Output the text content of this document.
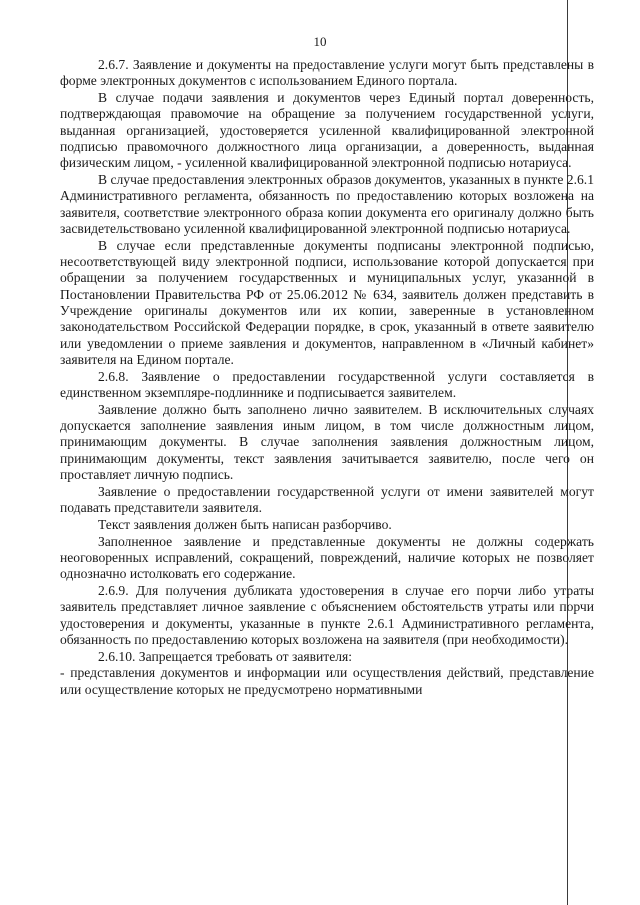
10

2.6.7. Заявление и документы на предоставление услуги могут быть представлены в форме электронных документов с использованием Единого портала.

В случае подачи заявления и документов через Единый портал доверенность, подтверждающая правомочие на обращение за получением государственной услуги, выданная организацией, удостоверяется усиленной квалифицированной электронной подписью правомочного должностного лица организации, а доверенность, выданная физическим лицом, - усиленной квалифицированной электронной подписью нотариуса.

В случае предоставления электронных образов документов, указанных в пункте 2.6.1 Административного регламента, обязанность по предоставлению которых возложена на заявителя, соответствие электронного образа копии документа его оригиналу должно быть засвидетельствовано усиленной квалифицированной электронной подписью нотариуса.

В случае если представленные документы подписаны электронной подписью, несоответствующей виду электронной подписи, использование которой допускается при обращении за получением государственных и муниципальных услуг, указанной в Постановлении Правительства РФ от 25.06.2012 № 634, заявитель должен представить в Учреждение оригиналы документов или их копии, заверенные в установленном законодательством Российской Федерации порядке, в срок, указанный в ответе заявителю или уведомлении о приеме заявления и документов, направленном в «Личный кабинет» заявителя на Едином портале.

2.6.8. Заявление о предоставлении государственной услуги составляется в единственном экземпляре-подлиннике и подписывается заявителем.

Заявление должно быть заполнено лично заявителем. В исключительных случаях допускается заполнение заявления иным лицом, в том числе должностным лицом, принимающим документы. В случае заполнения заявления должностным лицом, принимающим документы, текст заявления зачитывается заявителю, после чего он проставляет личную подпись.

Заявление о предоставлении государственной услуги от имени заявителей могут подавать представители заявителя.

Текст заявления должен быть написан разборчиво.

Заполненное заявление и представленные документы не должны содержать неоговоренных исправлений, сокращений, повреждений, наличие которых не позволяет однозначно истолковать его содержание.

2.6.9. Для получения дубликата удостоверения в случае его порчи либо утраты заявитель представляет личное заявление с объяснением обстоятельств утраты или порчи удостоверения и документы, указанные в пункте 2.6.1 Административного регламента, обязанность по предоставлению которых возложена на заявителя (при необходимости).

2.6.10. Запрещается требовать от заявителя:

- представления документов и информации или осуществления действий, представление или осуществление которых не предусмотрено нормативными
